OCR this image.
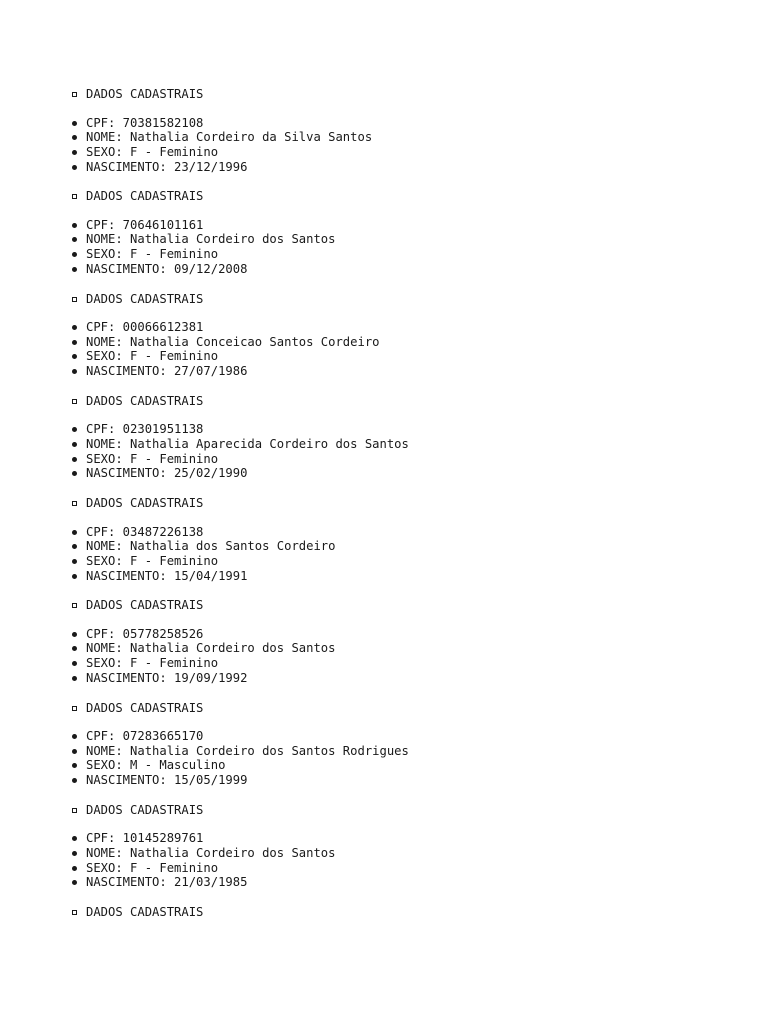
DADOS CADASTRAIS
CPF: 70381582108
NOME: Nathalia Cordeiro da Silva Santos
SEXO: F - Feminino
NASCIMENTO: 23/12/1996
DADOS CADASTRAIS
CPF: 70646101161
NOME: Nathalia Cordeiro dos Santos
SEXO: F - Feminino
NASCIMENTO: 09/12/2008
DADOS CADASTRAIS
CPF: 00066612381
NOME: Nathalia Conceicao Santos Cordeiro
SEXO: F - Feminino
NASCIMENTO: 27/07/1986
DADOS CADASTRAIS
CPF: 02301951138
NOME: Nathalia Aparecida Cordeiro dos Santos
SEXO: F - Feminino
NASCIMENTO: 25/02/1990
DADOS CADASTRAIS
CPF: 03487226138
NOME: Nathalia dos Santos Cordeiro
SEXO: F - Feminino
NASCIMENTO: 15/04/1991
DADOS CADASTRAIS
CPF: 05778258526
NOME: Nathalia Cordeiro dos Santos
SEXO: F - Feminino
NASCIMENTO: 19/09/1992
DADOS CADASTRAIS
CPF: 07283665170
NOME: Nathalia Cordeiro dos Santos Rodrigues
SEXO: M - Masculino
NASCIMENTO: 15/05/1999
DADOS CADASTRAIS
CPF: 10145289761
NOME: Nathalia Cordeiro dos Santos
SEXO: F - Feminino
NASCIMENTO: 21/03/1985
DADOS CADASTRAIS
